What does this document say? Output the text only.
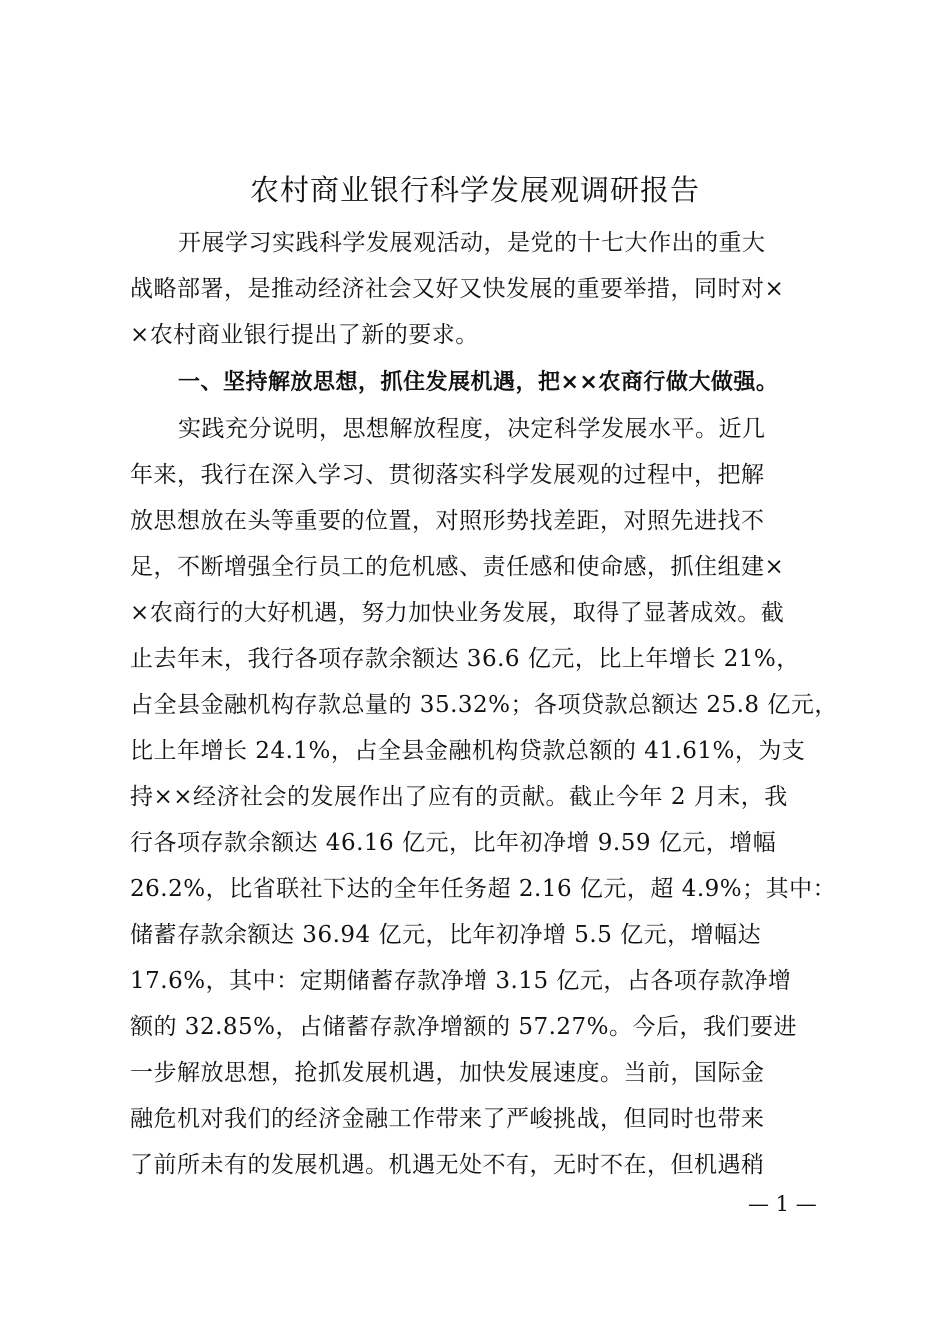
农村商业银行科学发展观调研报告
开展学习实践科学发展观活动，是党的十七大作出的重大
战略部署，是推动经济社会又好又快发展的重要举措，同时对×
×农村商业银行提出了新的要求。
一、坚持解放思想，抓住发展机遇，把××农商行做大做强。
实践充分说明，思想解放程度，决定科学发展水平。近几
年来，我行在深入学习、贯彻落实科学发展观的过程中，把解
放思想放在头等重要的位置，对照形势找差距，对照先进找不
足，不断增强全行员工的危机感、责任感和使命感，抓住组建×
×农商行的大好机遇，努力加快业务发展，取得了显著成效。截
止去年末，我行各项存款余额达 36.6 亿元，比上年增长 21%，
占全县金融机构存款总量的 35.32%；各项贷款总额达 25.8 亿元，
比上年增长 24.1%，占全县金融机构贷款总额的 41.61%，为支
持××经济社会的发展作出了应有的贡献。截止今年 2 月末，我
行各项存款余额达 46.16 亿元，比年初净增 9.59 亿元，增幅
26.2%，比省联社下达的全年任务超 2.16 亿元，超 4.9%；其中：
储蓄存款余额达 36.94 亿元，比年初净增 5.5 亿元，增幅达
17.6%，其中：定期储蓄存款净增 3.15 亿元，占各项存款净增
额的 32.85%，占储蓄存款净增额的 57.27%。今后，我们要进
一步解放思想，抢抓发展机遇，加快发展速度。当前，国际金
融危机对我们的经济金融工作带来了严峻挑战，但同时也带来
了前所未有的发展机遇。机遇无处不有，无时不在，但机遇稍
— 1 —
